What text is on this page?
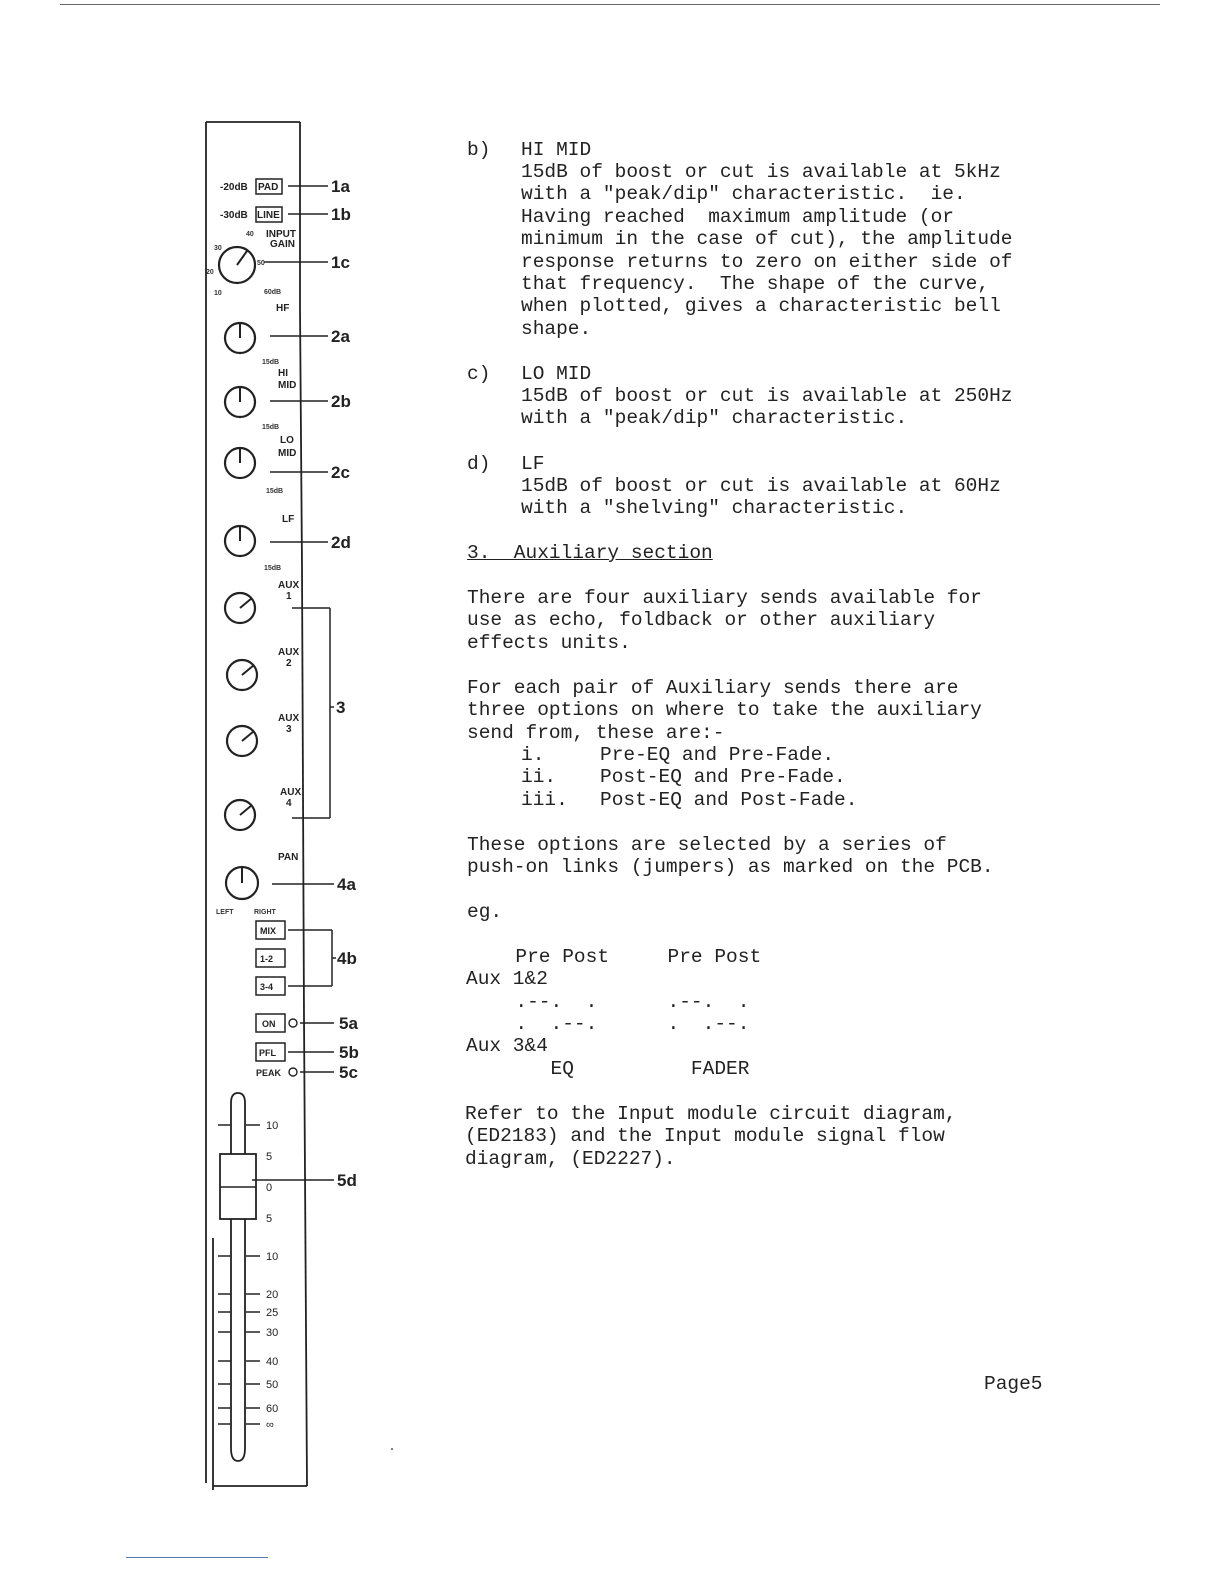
-20dB PAD	1a
-30dB LINE	1b
40 INPUT
GAIN
30
20
10	60dB
50	1c
HF
2a
15dB
HI
MID
2b
15dB
LO
MID
2c
15dB
LF
2d
15dB
AUX
1
AUX
2
AUX
3
AUX
4
3
PAN
LEFT	RIGHT
4a
MIX
1-2
3-4
4b
ON	5a
PFL	5b
PEAK	5c
5d
10
5
0
5
10
20
25
30
40
50
60
∞
b) HI MID
15dB of boost or cut is available at 5kHz
with a "peak/dip" characteristic.  ie.
Having reached  maximum amplitude (or
minimum in the case of cut), the amplitude
response returns to zero on either side of
that frequency.  The shape of the curve,
when plotted, gives a characteristic bell
shape.
c) LO MID
15dB of boost or cut is available at 250Hz
with a "peak/dip" characteristic.
d) LF
15dB of boost or cut is available at 60Hz
with a "shelving" characteristic.
3.  Auxiliary section
There are four auxiliary sends available for
use as echo, foldback or other auxiliary
effects units.
For each pair of Auxiliary sends there are
three options on where to take the auxiliary
send from, these are:-
i.	Pre-EQ and Pre-Fade.
ii. Post-EQ and Pre-Fade.
iii. Post-EQ and Post-Fade.
These options are selected by a series of
push-on links (jumpers) as marked on the PCB.
eg.
Pre Post     Pre Post
Aux 1&2
.--.  .      .--.  .
.  .--.      .  .--.
Aux 3&4
EQ          FADER
Refer to the Input module circuit diagram,
(ED2183) and the Input module signal flow
diagram, (ED2227).
Page5
